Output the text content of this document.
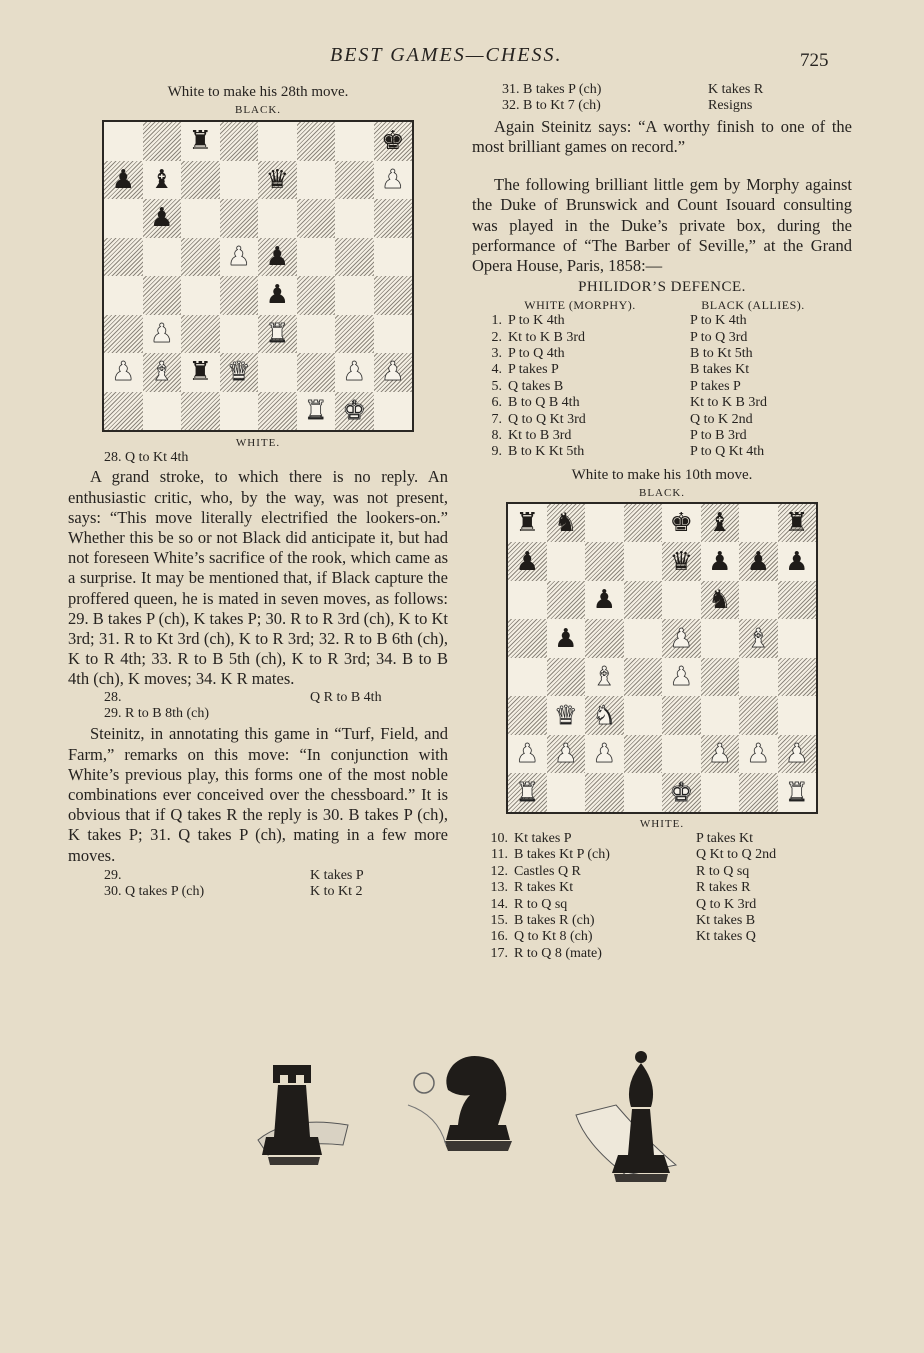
BEST GAMES—CHESS.	725
White to make his 28th move.
BLACK.
♜	♚
♟ ♝	♛	♟
♟
♟ ♟
♟
♟	♜
♟ ♝ ♜ ♛	♟ ♟
♜ ♚
WHITE.
28. Q to Kt 4th

A grand stroke, to which there is no reply. An enthusiastic critic, who, by the way, was not present, says: “This move literally electrified the lookers-on.” Whether this be so or not Black did anticipate it, but had not foreseen White’s sacrifice of the rook, which came as a surprise. It may be mentioned that, if Black capture the proffered queen, he is mated in seven moves, as follows: 29. B takes P (ch), K takes P; 30. R to R 3rd (ch), K to Kt 3rd; 31. R to Kt 3rd (ch), K to R 3rd; 32. R to B 6th (ch), K to R 4th; 33. R to B 5th (ch), K to R 3rd; 34. B to B 4th (ch), K moves; 34. K R mates.

28.	Q R to B 4th
29. R to B 8th (ch)

Steinitz, in annotating this game in “Turf, Field, and Farm,” remarks on this move: “In conjunction with White’s previous play, this forms one of the most noble combinations ever conceived over the chessboard.” It is obvious that if Q takes R the reply is 30. B takes P (ch), K takes P; 31. Q takes P (ch), mating in a few more moves.

29.	K takes P
30. Q takes P (ch)	K to Kt 2
31. B takes P (ch)	K takes R
32. B to Kt 7 (ch)	Resigns

Again Steinitz says: “A worthy finish to one of the most brilliant games on record.”

The following brilliant little gem by Morphy against the Duke of Brunswick and Count Isouard consulting was played in the Duke’s private box, during the performance of “The Barber of Seville,” at the Grand Opera House, Paris, 1858:—

PHILIDOR’S DEFENCE.
WHITE (MORPHY).	BLACK (ALLIES).
1. P to K 4th	P to K 4th
2. Kt to K B 3rd	P to Q 3rd
3. P to Q 4th	B to Kt 5th
4. P takes P	B takes Kt
5. Q takes B	P takes P
6. B to Q B 4th	Kt to K B 3rd
7. Q to Q Kt 3rd	Q to K 2nd
8. Kt to B 3rd	P to B 3rd
9. B to K Kt 5th	P to Q Kt 4th
White to make his 10th move.
BLACK.
♜ ♞	♚ ♝ ♜
♟	♛ ♟ ♟ ♟
♟	♞
♟	♟ ♝
♝ ♟
♛ ♞
♟ ♟ ♟	♟ ♟ ♟
♜	♚	♜
WHITE.
10. Kt takes P	P takes Kt
11. B takes Kt P (ch)	Q Kt to Q 2nd
12. Castles Q R	R to Q sq
13. R takes Kt	R takes R
14. R to Q sq	Q to K 3rd
15. B takes R (ch)	Kt takes B
16. Q to Kt 8 (ch)	Kt takes Q
17. R to Q 8 (mate)
